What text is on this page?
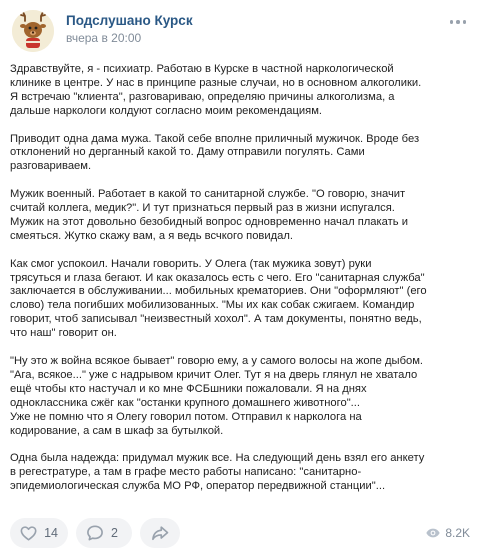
Подслушано Курск
вчера в 20:00
Здравствуйте, я - психиатр. Работаю в Курске в частной наркологической
клинике в центре. У нас в принципе разные случаи, но в основном алкоголики.
Я встречаю "клиента", разговариваю, определяю причины алкоголизма, а
дальше наркологи колдуют согласно моим рекомендациям.
Приводит одна дама мужа. Такой себе вполне приличный мужичок. Вроде без
отклонений но дерганный какой то. Даму отправили погулять. Сами
разговариваем.
Мужик военный. Работает в какой то санитарной службе. "О говорю, значит
считай коллега, медик?". И тут признаться первый раз в жизни испугался.
Мужик на этот довольно безобидный вопрос одновременно начал плакать и
смеяться. Жутко скажу вам, а я ведь всчкого повидал.
Как смог успокоил. Начали говорить. У Олега (так мужика зовут) руки
трясуться и глаза бегают. И как оказалось есть с чего. Его "санитарная служба"
заключается в обслуживании... мобильных крематориев. Они "оформляют" (его
слово) тела погибших мобилизованных. "Мы их как собак сжигаем. Командир
говорит, чтоб записывал "неизвестный хохол". А там документы, понятно ведь,
что наш" говорит он.
"Ну это ж война всякое бывает" говорю ему, а у самого волосы на жопе дыбом.
"Ага, всякое..." уже с надрывом кричит Олег. Тут я на дверь глянул не хватало
ещё чтобы кто настучал и ко мне ФСБшники пожаловали. Я на днях
одноклассника сжёг как "останки крупного домашнего животного"...
Уже не помню что я Олегу говорил потом. Отправил к нарколога на
кодирование, а сам в шкаф за бутылкой.
Одна была надежда: придумал мужик все. На следующий день взял его анкету
в регестратуре, а там в графе место работы написано: "санитарно-
эпидемиологическая служба МО РФ, оператор передвижной станции"...
14	2	8.2K
